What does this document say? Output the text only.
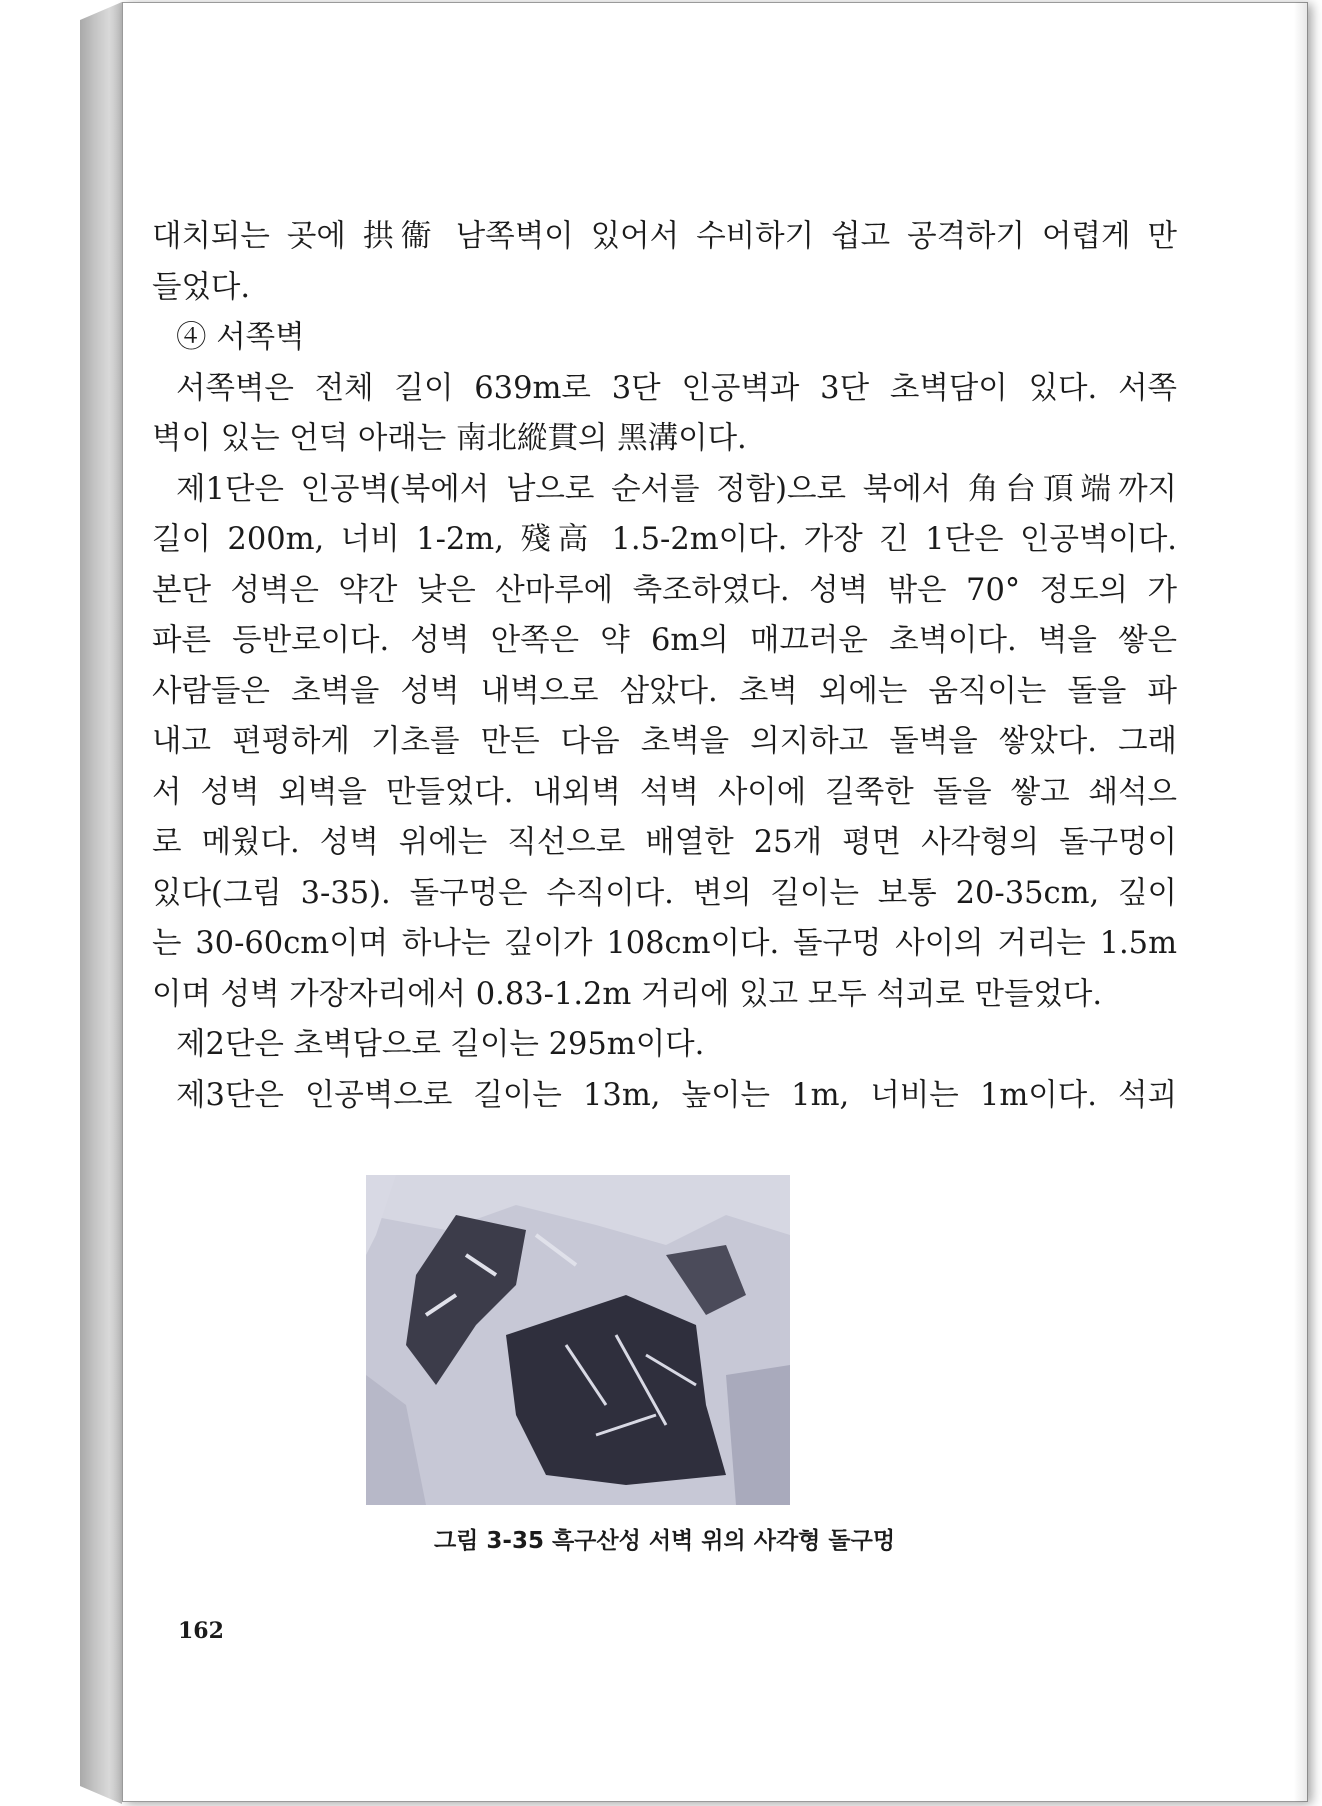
대치되는 곳에 拱衞 남쪽벽이 있어서 수비하기 쉽고 공격하기 어렵게 만
들었다.
④ 서쪽벽
서쪽벽은 전체 길이 639m로 3단 인공벽과 3단 초벽담이 있다. 서쪽
벽이 있는 언덕 아래는 南北縱貫의 黑溝이다.
제1단은 인공벽(북에서 남으로 순서를 정함)으로 북에서 角台頂端까지
길이 200m, 너비 1-2m, 殘高 1.5-2m이다. 가장 긴 1단은 인공벽이다.
본단 성벽은 약간 낮은 산마루에 축조하였다. 성벽 밖은 70° 정도의 가
파른 등반로이다. 성벽 안쪽은 약 6m의 매끄러운 초벽이다. 벽을 쌓은
사람들은 초벽을 성벽 내벽으로 삼았다. 초벽 외에는 움직이는 돌을 파
내고 편평하게 기초를 만든 다음 초벽을 의지하고 돌벽을 쌓았다. 그래
서 성벽 외벽을 만들었다. 내외벽 석벽 사이에 길쭉한 돌을 쌓고 쇄석으
로 메웠다. 성벽 위에는 직선으로 배열한 25개 평면 사각형의 돌구멍이
있다(그림 3-35). 돌구멍은 수직이다. 변의 길이는 보통 20-35cm, 깊이
는 30-60cm이며 하나는 깊이가 108cm이다. 돌구멍 사이의 거리는 1.5m
이며 성벽 가장자리에서 0.83-1.2m 거리에 있고 모두 석괴로 만들었다.
제2단은 초벽담으로 길이는 295m이다.
제3단은 인공벽으로 길이는 13m, 높이는 1m, 너비는 1m이다. 석괴
그림 3-35 흑구산성 서벽 위의 사각형 돌구멍
162
